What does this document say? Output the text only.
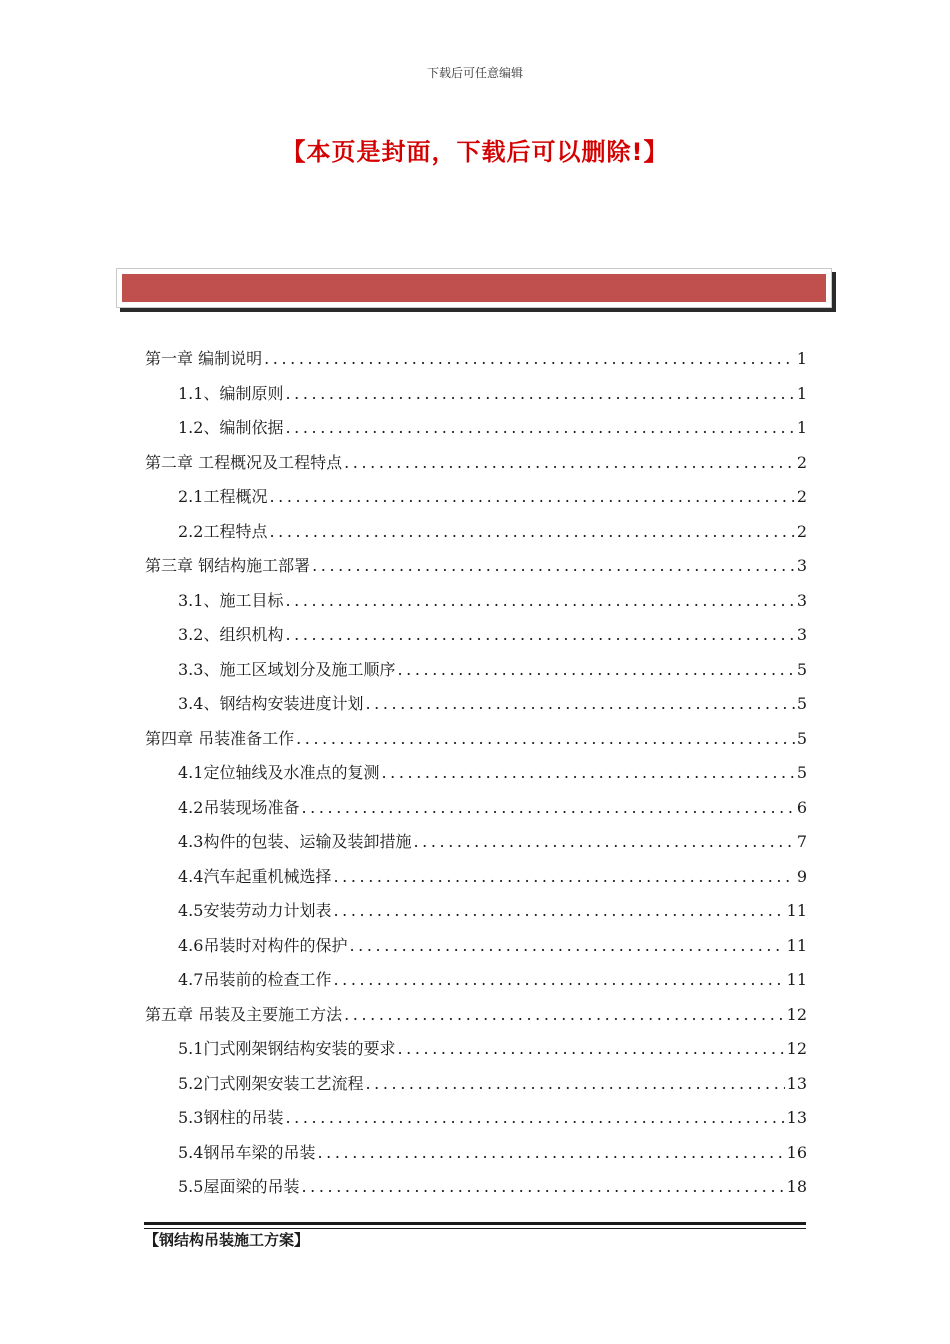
下载后可任意编辑
【本页是封面，下载后可以删除!】
第一章 编制说明 .....	1
1.1、编制原则 .....	1
1.2、编制依据 .....	1
第二章 工程概况及工程特点 .....	2
2.1工程概况 .....	2
2.2工程特点 .....	2
第三章 钢结构施工部署 .....	3
3.1、施工目标 .....	3
3.2、组织机构 .....	3
3.3、施工区域划分及施工顺序 .....	5
3.4、钢结构安装进度计划 .....	5
第四章 吊装准备工作 .....	5
4.1定位轴线及水准点的复测 .....	5
4.2吊装现场准备 .....	6
4.3构件的包装、运输及装卸措施 .....	7
4.4汽车起重机械选择 .....	9
4.5安装劳动力计划表 .....	11
4.6吊装时对构件的保护 .....	11
4.7吊装前的检查工作 .....	11
第五章 吊装及主要施工方法 .....	12
5.1门式刚架钢结构安装的要求 .....	12
5.2门式刚架安装工艺流程 .....	13
5.3钢柱的吊装 .....	13
5.4钢吊车梁的吊装 .....	16
5.5屋面梁的吊装 .....	18
【钢结构吊装施工方案】
